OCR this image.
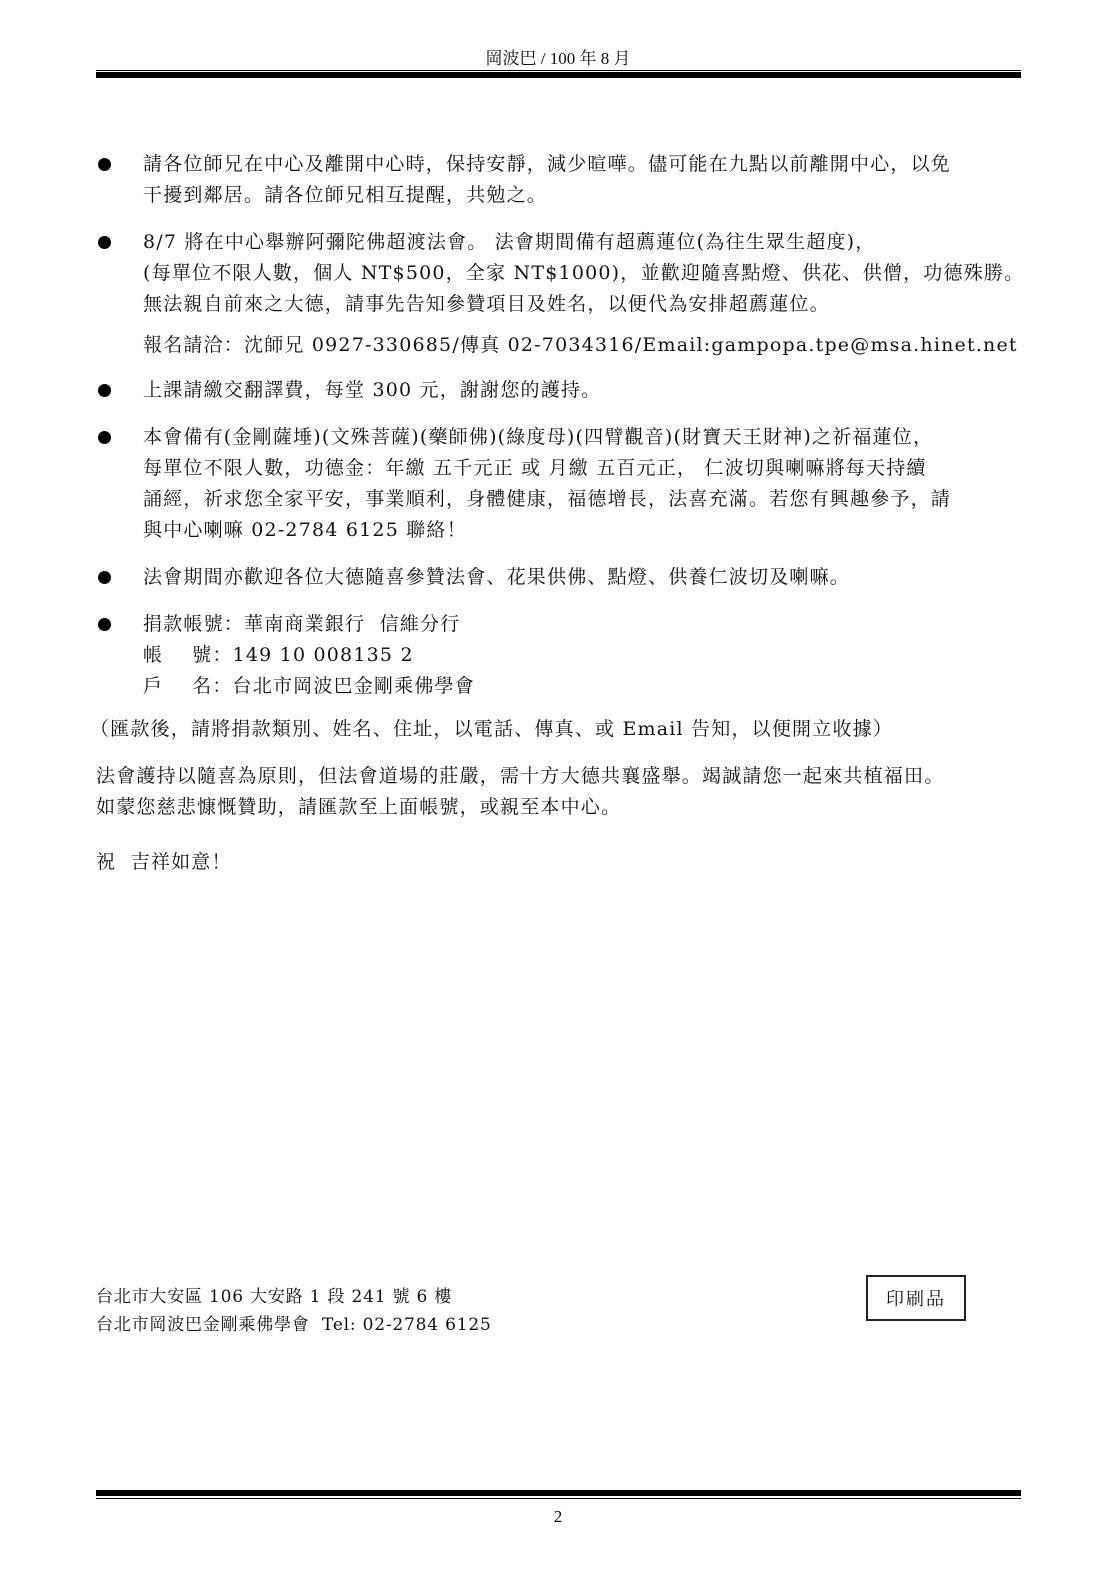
岡波巴 / 100 年 8 月
請各位師兄在中心及離開中心時，保持安靜，減少暄嘩。儘可能在九點以前離開中心，以免
干擾到鄰居。請各位師兄相互提醒，共勉之。
8/7 將在中心舉辦阿彌陀佛超渡法會。 法會期間備有超薦蓮位(為往生眾生超度)，
(每單位不限人數，個人 NT$500，全家 NT$1000)，並歡迎隨喜點燈、供花、供僧，功德殊勝。
無法親自前來之大德，請事先告知參贊項目及姓名，以便代為安排超薦蓮位。
報名請洽：沈師兄 0927-330685/傳真 02-7034316/Email:gampopa.tpe@msa.hinet.net
上課請繳交翻譯費，每堂 300 元，謝謝您的護持。
本會備有(金剛薩埵)(文殊菩薩)(藥師佛)(綠度母)(四臂觀音)(財寶天王財神)之祈福蓮位，
每單位不限人數，功德金：年繳 五千元正 或 月繳 五百元正， 仁波切與喇嘛將每天持續
誦經，祈求您全家平安，事業順利，身體健康，福德增長，法喜充滿。若您有興趣參予，請
與中心喇嘛 02-2784 6125 聯絡！
法會期間亦歡迎各位大德隨喜參贊法會、花果供佛、點燈、供養仁波切及喇嘛。
捐款帳號：華南商業銀行  信維分行
帳    號：149 10 008135 2
戶    名：台北市岡波巴金剛乘佛學會
（匯款後，請將捐款類別、姓名、住址，以電話、傳真、或 Email 告知，以便開立收據）
法會護持以隨喜為原則，但法會道場的莊嚴，需十方大德共襄盛舉。竭誠請您一起來共植福田。
如蒙您慈悲慷慨贊助，請匯款至上面帳號，或親至本中心。
祝  吉祥如意！
台北市大安區 106 大安路 1 段 241 號 6 樓
台北市岡波巴金剛乘佛學會  Tel: 02-2784 6125
印刷品
2
